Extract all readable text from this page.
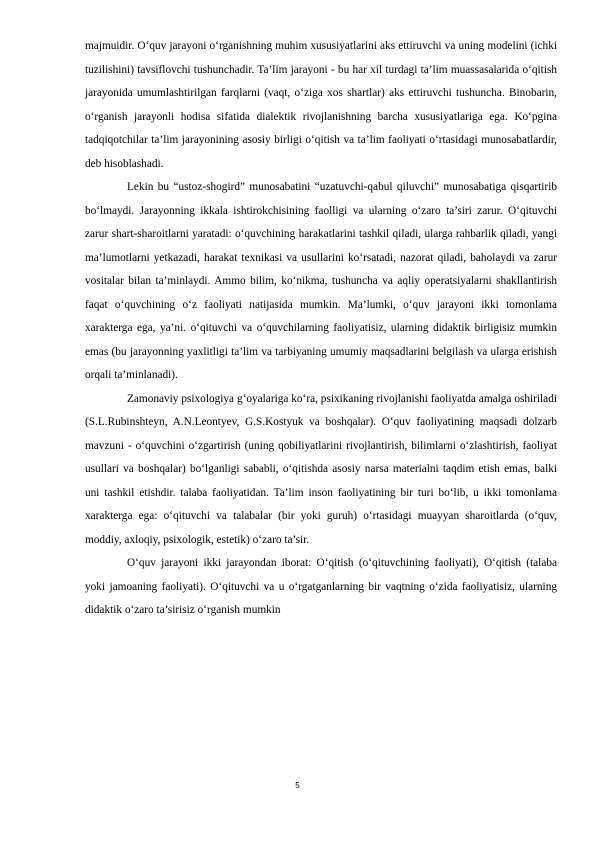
majmuidir. O‘quv jarayoni o‘rganishning muhim xususiyatlarini aks ettiruvchi va uning modelini (ichki tuzilishini) tavsiflovchi tushunchadir. Ta’lim jarayoni - bu har xil turdagi ta’lim muassasalarida o‘qitish jarayonida umumlashtirilgan farqlarni (vaqt, o‘ziga xos shartlar) aks ettiruvchi tushuncha. Binobarin, o‘rganish jarayonli hodisa sifatida dialektik rivojlanishning barcha xususiyatlariga ega. Ko‘pgina tadqiqotchilar ta’lim jarayonining asosiy birligi o‘qitish va ta’lim faoliyati o‘rtasidagi munosabatlardir, deb hisoblashadi.

Lekin bu “ustoz-shogird” munosabatini “uzatuvchi-qabul qiluvchi” munosabatiga qisqartirib bo‘lmaydi. Jarayonning ikkala ishtirokchisining faolligi va ularning o‘zaro ta’siri zarur. O‘qituvchi zarur shart-sharoitlarni yaratadi: o‘quvchining harakatlarini tashkil qiladi, ularga rahbarlik qiladi, yangi ma’lumotlarni yetkazadi, harakat texnikasi va usullarini ko‘rsatadi, nazorat qiladi, baholaydi va zarur vositalar bilan ta’minlaydi. Ammo bilim, ko‘nikma, tushuncha va aqliy operatsiyalarni shakllantirish faqat o‘quvchining o‘z faoliyati natijasida mumkin. Ma’lumki, o‘quv jarayoni ikki tomonlama xarakterga ega, ya’ni. o‘qituvchi va o‘quvchilarning faoliyatisiz, ularning didaktik birligisiz mumkin emas (bu jarayonning yaxlitligi ta’lim va tarbiyaning umumiy maqsadlarini belgilash va ularga erishish orqali ta’minlanadi).

Zamonaviy psixologiya g‘oyalariga ko‘ra, psixikaning rivojlanishi faoliyatda amalga oshiriladi (S.L.Rubinshteyn, A.N.Leontyev, G.S.Kostyuk va boshqalar). O‘quv faoliyatining maqsadi dolzarb mavzuni - o‘quvchini o‘zgartirish (uning qobiliyatlarini rivojlantirish, bilimlarni o‘zlashtirish, faoliyat usullari va boshqalar) bo‘lganligi sababli, o‘qitishda asosiy narsa materialni taqdim etish emas, balki uni tashkil etishdir. talaba faoliyatidan. Ta’lim inson faoliyatining bir turi bo‘lib, u ikki tomonlama xarakterga ega: o‘qituvchi va talabalar (bir yoki guruh) o‘rtasidagi muayyan sharoitlarda (o‘quv, moddiy, axloqiy, psixologik, estetik) o‘zaro ta’sir.

O‘quv jarayoni ikki jarayondan iborat: O‘qitish (o‘qituvchining faoliyati), O‘qitish (talaba yoki jamoaning faoliyati). O‘qituvchi va u o‘rgatganlarning bir vaqtning o‘zida faoliyatisiz, ularning didaktik o‘zaro ta’sirisiz o‘rganish mumkin

5
